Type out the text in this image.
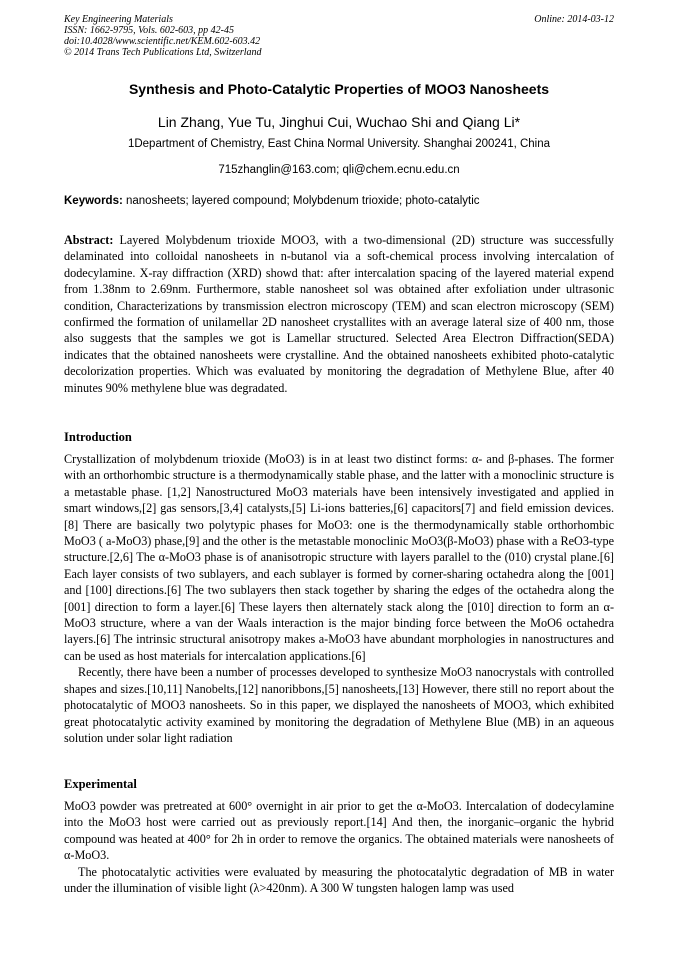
Key Engineering Materials
ISSN: 1662-9795, Vols. 602-603, pp 42-45
doi:10.4028/www.scientific.net/KEM.602-603.42
© 2014 Trans Tech Publications Ltd, Switzerland
Online: 2014-03-12
Synthesis and Photo-Catalytic Properties of MOO3 Nanosheets
Lin Zhang, Yue Tu, Jinghui Cui, Wuchao Shi and Qiang Li*
1Department of Chemistry, East China Normal University. Shanghai 200241, China
715zhanglin@163.com; qli@chem.ecnu.edu.cn
Keywords: nanosheets; layered compound; Molybdenum trioxide; photo-catalytic

Abstract: Layered Molybdenum trioxide MOO3, with a two-dimensional (2D) structure was successfully delaminated into colloidal nanosheets in n-butanol via a soft-chemical process involving intercalation of dodecylamine. X-ray diffraction (XRD) showd that: after intercalation spacing of the layered material expend from 1.38nm to 2.69nm. Furthermore, stable nanosheet sol was obtained after exfoliation under ultrasonic condition, Characterizations by transmission electron microscopy (TEM) and scan electron microscopy (SEM) confirmed the formation of unilamellar 2D nanosheet crystallites with an average lateral size of 400 nm, those also suggests that the samples we got is Lamellar structured. Selected Area Electron Diffraction(SEDA) indicates that the obtained nanosheets were crystalline. And the obtained nanosheets exhibited photo-catalytic decolorization properties. Which was evaluated by monitoring the degradation of Methylene Blue, after 40 minutes 90% methylene blue was degradated.

Introduction

Crystallization of molybdenum trioxide (MoO3) is in at least two distinct forms: α- and β-phases. The former with an orthorhombic structure is a thermodynamically stable phase, and the latter with a monoclinic structure is a metastable phase. [1,2] Nanostructured MoO3 materials have been intensively investigated and applied in smart windows,[2] gas sensors,[3,4] catalysts,[5] Li-ions batteries,[6] capacitors[7] and field emission devices.[8] There are basically two polytypic phases for MoO3: one is the thermodynamically stable orthorhombic MoO3 ( a-MoO3) phase,[9] and the other is the metastable monoclinic MoO3(β-MoO3) phase with a ReO3-type structure.[2,6] The α-MoO3 phase is of ananisotropic structure with layers parallel to the (010) crystal plane.[6] Each layer consists of two sublayers, and each sublayer is formed by corner-sharing octahedra along the [001] and [100] directions.[6] The two sublayers then stack together by sharing the edges of the octahedra along the [001] direction to form a layer.[6] These layers then alternately stack along the [010] direction to form an α-MoO3 structure, where a van der Waals interaction is the major binding force between the MoO6 octahedra layers.[6] The intrinsic structural anisotropy makes a-MoO3 have abundant morphologies in nanostructures and can be used as host materials for intercalation applications.[6]

Recently, there have been a number of processes developed to synthesize MoO3 nanocrystals with controlled shapes and sizes.[10,11] Nanobelts,[12] nanoribbons,[5] nanosheets,[13] However, there still no report about the photocatalytic of MOO3 nanosheets. So in this paper, we displayed the nanosheets of MOO3, which exhibited great photocatalytic activity examined by monitoring the degradation of Methylene Blue (MB) in an aqueous solution under solar light radiation

Experimental

MoO3 powder was pretreated at 600° overnight in air prior to get the α-MoO3. Intercalation of dodecylamine into the MoO3 host were carried out as previously report.[14] And then, the inorganic–organic the hybrid compound was heated at 400° for 2h in order to remove the organics. The obtained materials were nanosheets of α-MoO3.

The photocatalytic activities were evaluated by measuring the photocatalytic degradation of MB in water under the illumination of visible light (λ>420nm). A 300 W tungsten halogen lamp was used
